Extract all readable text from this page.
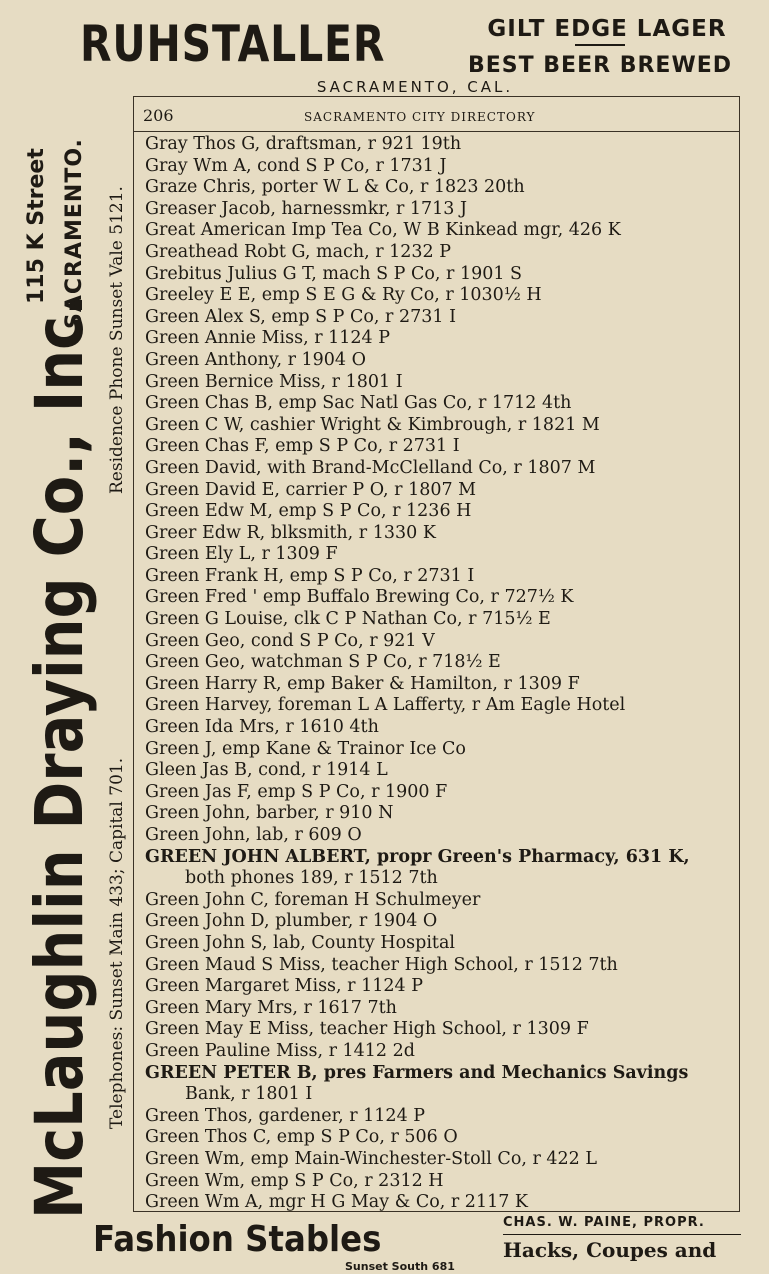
RUHSTALLER	GILT EDGE LAGER
BEST BEER BREWED
SACRAMENTO, CAL.
McLaughlin Draying Co., Inc.
115 K Street SACRAMENTO. Residence Phone Sunset Vale 5121.
Telephones: Sunset Main 433; Capital 701.
206	SACRAMENTO CITY DIRECTORY
Gray Thos G, draftsman, r 921 19th
Gray Wm A, cond S P Co, r 1731 J
Graze Chris, porter W L & Co, r 1823 20th
Greaser Jacob, harnessmkr, r 1713 J
Great American Imp Tea Co, W B Kinkead mgr, 426 K
Greathead Robt G, mach, r 1232 P
Grebitus Julius G T, mach S P Co, r 1901 S
Greeley E E, emp S E G & Ry Co, r 1030½ H
Green Alex S, emp S P Co, r 2731 I
Green Annie Miss, r 1124 P
Green Anthony, r 1904 O
Green Bernice Miss, r 1801 I
Green Chas B, emp Sac Natl Gas Co, r 1712 4th
Green C W, cashier Wright & Kimbrough, r 1821 M
Green Chas F, emp S P Co, r 2731 I
Green David, with Brand-McClelland Co, r 1807 M
Green David E, carrier P O, r 1807 M
Green Edw M, emp S P Co, r 1236 H
Greer Edw R, blksmith, r 1330 K
Green Ely L, r 1309 F
Green Frank H, emp S P Co, r 2731 I
Green Fred ' emp Buffalo Brewing Co, r 727½ K
Green G Louise, clk C P Nathan Co, r 715½ E
Green Geo, cond S P Co, r 921 V
Green Geo, watchman S P Co, r 718½ E
Green Harry R, emp Baker & Hamilton, r 1309 F
Green Harvey, foreman L A Lafferty, r Am Eagle Hotel
Green Ida Mrs, r 1610 4th
Green J, emp Kane & Trainor Ice Co
Gleen Jas B, cond, r 1914 L
Green Jas F, emp S P Co, r 1900 F
Green John, barber, r 910 N
Green John, lab, r 609 O
GREEN JOHN ALBERT, propr Green's Pharmacy, 631 K,
both phones 189, r 1512 7th
Green John C, foreman H Schulmeyer
Green John D, plumber, r 1904 O
Green John S, lab, County Hospital
Green Maud S Miss, teacher High School, r 1512 7th
Green Margaret Miss, r 1124 P
Green Mary Mrs, r 1617 7th
Green May E Miss, teacher High School, r 1309 F
Green Pauline Miss, r 1412 2d
GREEN PETER B, pres Farmers and Mechanics Savings
Bank, r 1801 I
Green Thos, gardener, r 1124 P
Green Thos C, emp S P Co, r 506 O
Green Wm, emp Main-Winchester-Stoll Co, r 422 L
Green Wm, emp S P Co, r 2312 H
Green Wm A, mgr H G May & Co, r 2117 K
Fashion Stables	CHAS. W. PAINE, PROPR.
Hacks, Coupes and
Sunset South 681
